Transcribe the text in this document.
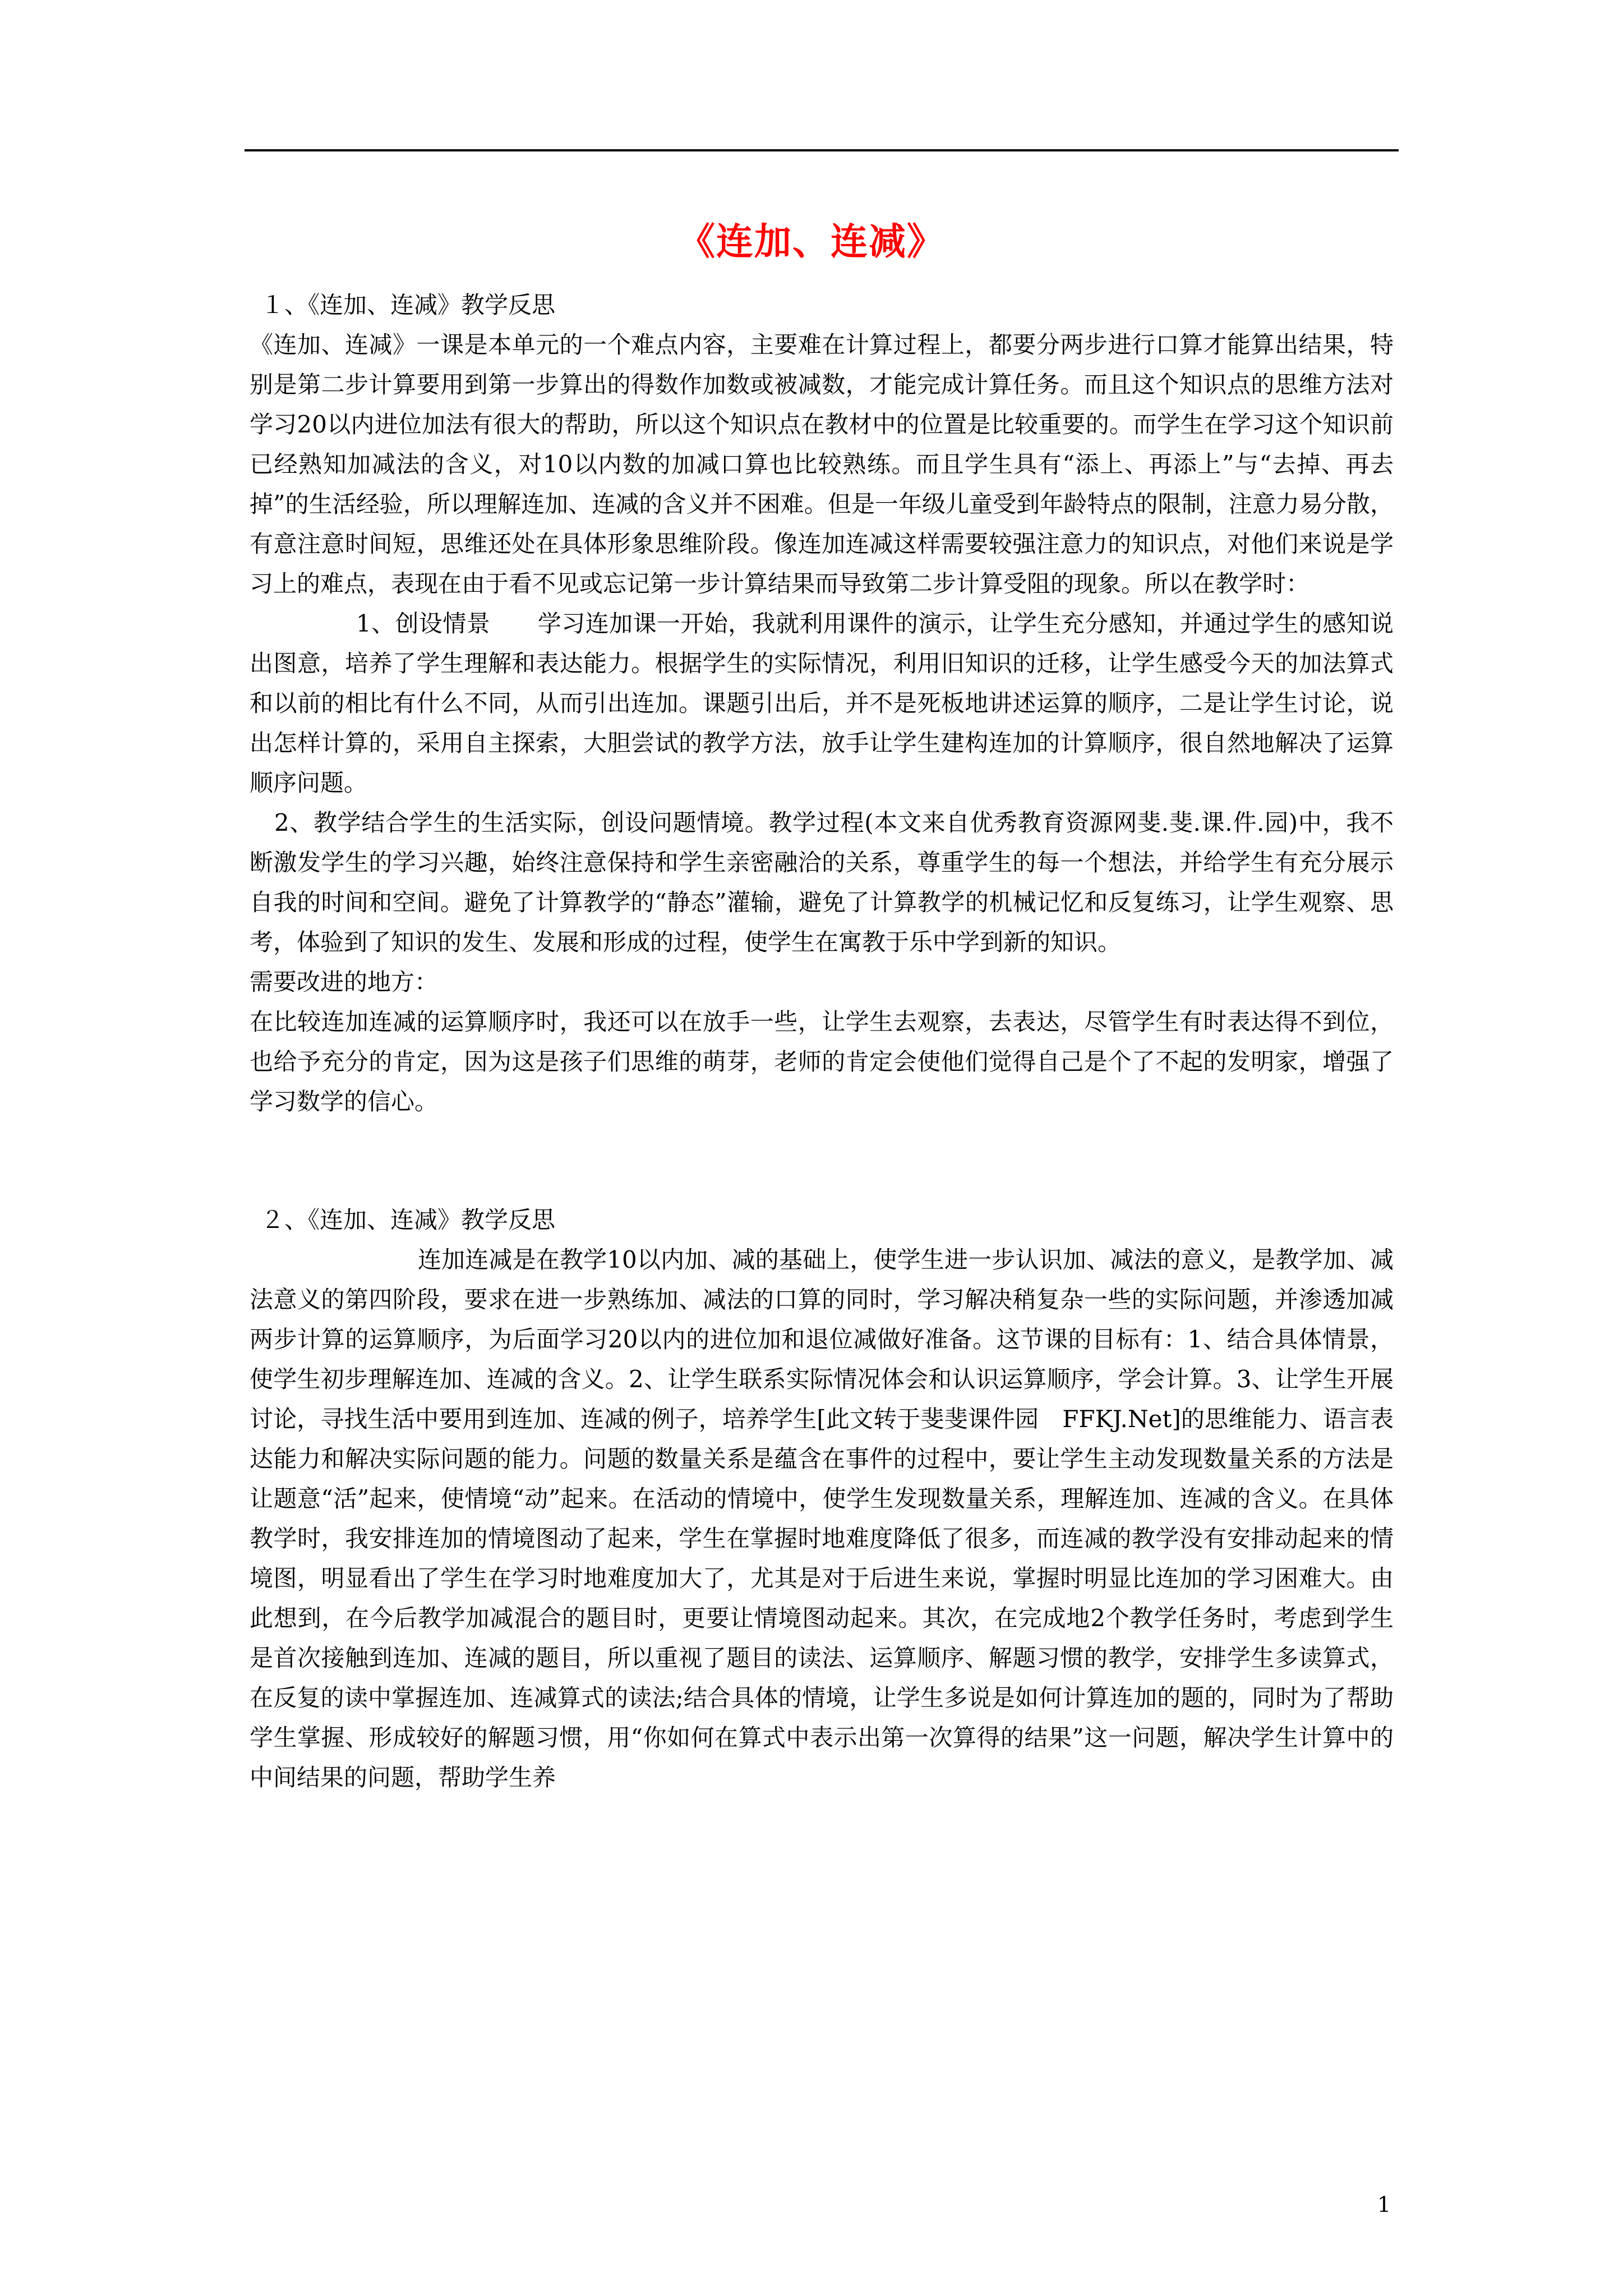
《连加、连减》

１、《连加、连减》教学反思

《连加、连减》一课是本单元的一个难点内容，主要难在计算过程上，都要分两步进行口算才能算出结果，特别是第二步计算要用到第一步算出的得数作加数或被减数，才能完成计算任务。而且这个知识点的思维方法对学习20以内进位加法有很大的帮助，所以这个知识点在教材中的位置是比较重要的。而学生在学习这个知识前已经熟知加减法的含义，对10以内数的加减口算也比较熟练。而且学生具有“添上、再添上”与“去掉、再去掉”的生活经验，所以理解连加、连减的含义并不困难。但是一年级儿童受到年龄特点的限制，注意力易分散，有意注意时间短，思维还处在具体形象思维阶段。像连加连减这样需要较强注意力的知识点，对他们来说是学习上的难点，表现在由于看不见或忘记第一步计算结果而导致第二步计算受阻的现象。所以在教学时：

1、创设情景　　学习连加课一开始，我就利用课件的演示，让学生充分感知，并通过学生的感知说出图意，培养了学生理解和表达能力。根据学生的实际情况，利用旧知识的迁移，让学生感受今天的加法算式和以前的相比有什么不同，从而引出连加。课题引出后，并不是死板地讲述运算的顺序，二是让学生讨论，说出怎样计算的，采用自主探索，大胆尝试的教学方法，放手让学生建构连加的计算顺序，很自然地解决了运算顺序问题。

2、教学结合学生的生活实际，创设问题情境。教学过程(本文来自优秀教育资源网斐.斐.课.件.园)中，我不断激发学生的学习兴趣，始终注意保持和学生亲密融洽的关系，尊重学生的每一个想法，并给学生有充分展示自我的时间和空间。避免了计算教学的“静态”灌输，避免了计算教学的机械记忆和反复练习，让学生观察、思考，体验到了知识的发生、发展和形成的过程，使学生在寓教于乐中学到新的知识。

需要改进的地方：

在比较连加连减的运算顺序时，我还可以在放手一些，让学生去观察，去表达，尽管学生有时表达得不到位，也给予充分的肯定，因为这是孩子们思维的萌芽，老师的肯定会使他们觉得自己是个了不起的发明家，增强了学习数学的信心。

２、《连加、连减》教学反思

连加连减是在教学10以内加、减的基础上，使学生进一步认识加、减法的意义，是教学加、减法意义的第四阶段，要求在进一步熟练加、减法的口算的同时，学习解决稍复杂一些的实际问题，并渗透加减两步计算的运算顺序，为后面学习20以内的进位加和退位减做好准备。这节课的目标有：1、结合具体情景，使学生初步理解连加、连减的含义。2、让学生联系实际情况体会和认识运算顺序，学会计算。3、让学生开展讨论，寻找生活中要用到连加、连减的例子，培养学生[此文转于斐斐课件园　FFKJ.Net]的思维能力、语言表达能力和解决实际问题的能力。问题的数量关系是蕴含在事件的过程中，要让学生主动发现数量关系的方法是让题意“活”起来，使情境“动”起来。在活动的情境中，使学生发现数量关系，理解连加、连减的含义。在具体教学时，我安排连加的情境图动了起来，学生在掌握时地难度降低了很多，而连减的教学没有安排动起来的情境图，明显看出了学生在学习时地难度加大了，尤其是对于后进生来说，掌握时明显比连加的学习困难大。由此想到，在今后教学加减混合的题目时，更要让情境图动起来。其次，在完成地2个教学任务时，考虑到学生是首次接触到连加、连减的题目，所以重视了题目的读法、运算顺序、解题习惯的教学，安排学生多读算式，在反复的读中掌握连加、连减算式的读法;结合具体的情境，让学生多说是如何计算连加的题的，同时为了帮助学生掌握、形成较好的解题习惯，用“你如何在算式中表示出第一次算得的结果”这一问题，解决学生计算中的中间结果的问题，帮助学生养

1
